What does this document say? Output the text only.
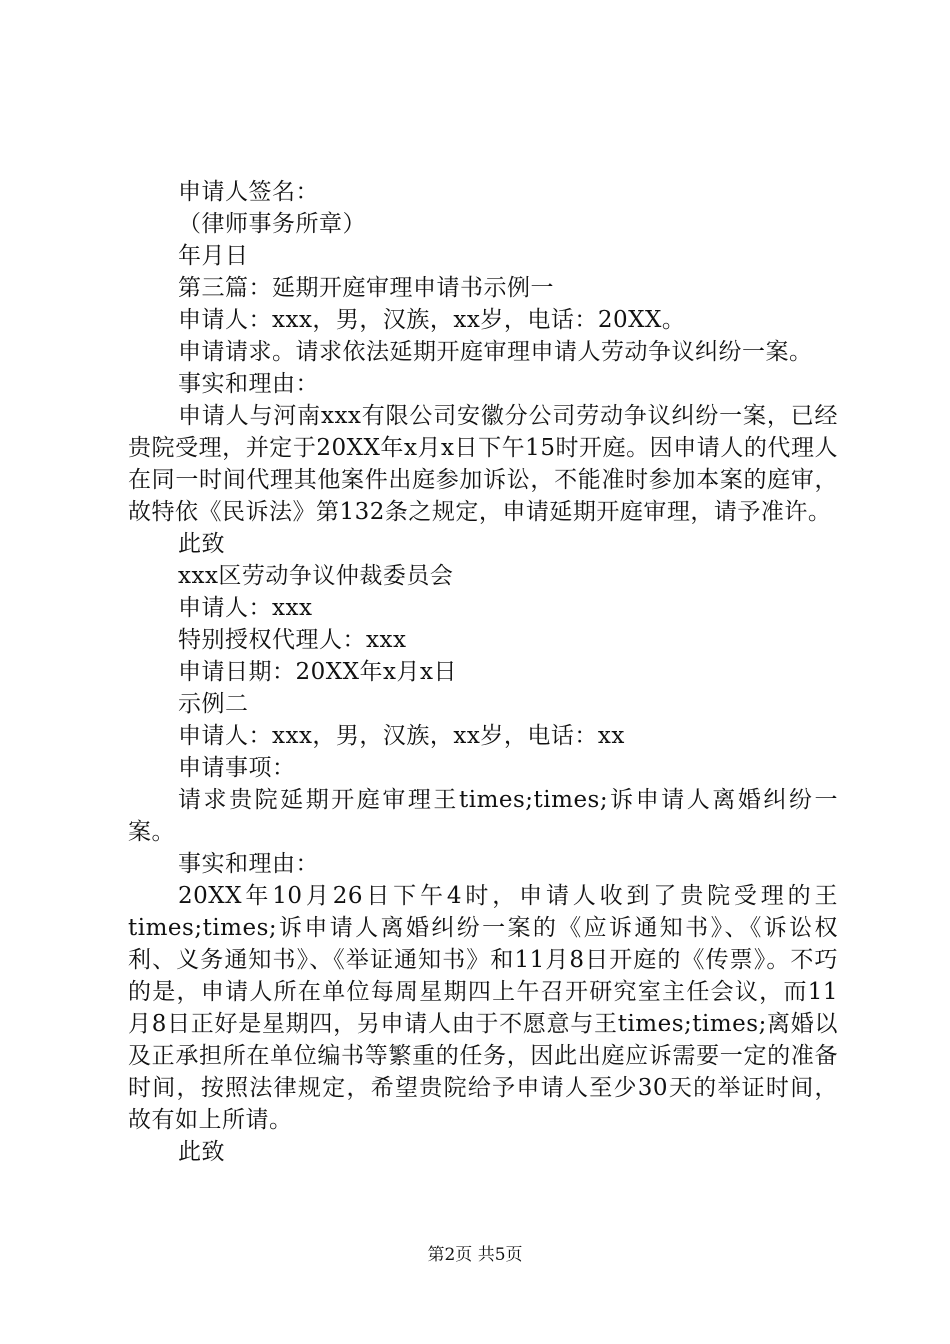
申请人签名：
（律师事务所章）
年月日
第三篇：延期开庭审理申请书示例一
申请人：xxx，男，汉族，xx岁，电话：20XX。

申请请求。请求依法延期开庭审理申请人劳动争议纠纷一案。

事实和理由：

申请人与河南xxx有限公司安徽分公司劳动争议纠纷一案，已经贵院受理，并定于20XX年x月x日下午15时开庭。因申请人的代理人在同一时间代理其他案件出庭参加诉讼，不能准时参加本案的庭审，故特依《民诉法》第132条之规定，申请延期开庭审理，请予准许。

此致
xxx区劳动争议仲裁委员会
申请人：xxx
特别授权代理人：xxx
申请日期：20XX年x月x日
示例二
申请人：xxx，男，汉族，xx岁，电话：xx
申请事项：

请求贵院延期开庭审理王times;times;诉申请人离婚纠纷一案。

事实和理由：

20XX年10月26日下午4时，申请人收到了贵院受理的王times;times;诉申请人离婚纠纷一案的《应诉通知书》、《诉讼权利、义务通知书》、《举证通知书》和11月8日开庭的《传票》。不巧的是，申请人所在单位每周星期四上午召开研究室主任会议，而11月8日正好是星期四，另申请人由于不愿意与王times;times;离婚以及正承担所在单位编书等繁重的任务，因此出庭应诉需要一定的准备时间，按照法律规定，希望贵院给予申请人至少30天的举证时间，故有如上所请。

此致
第2页 共5页
